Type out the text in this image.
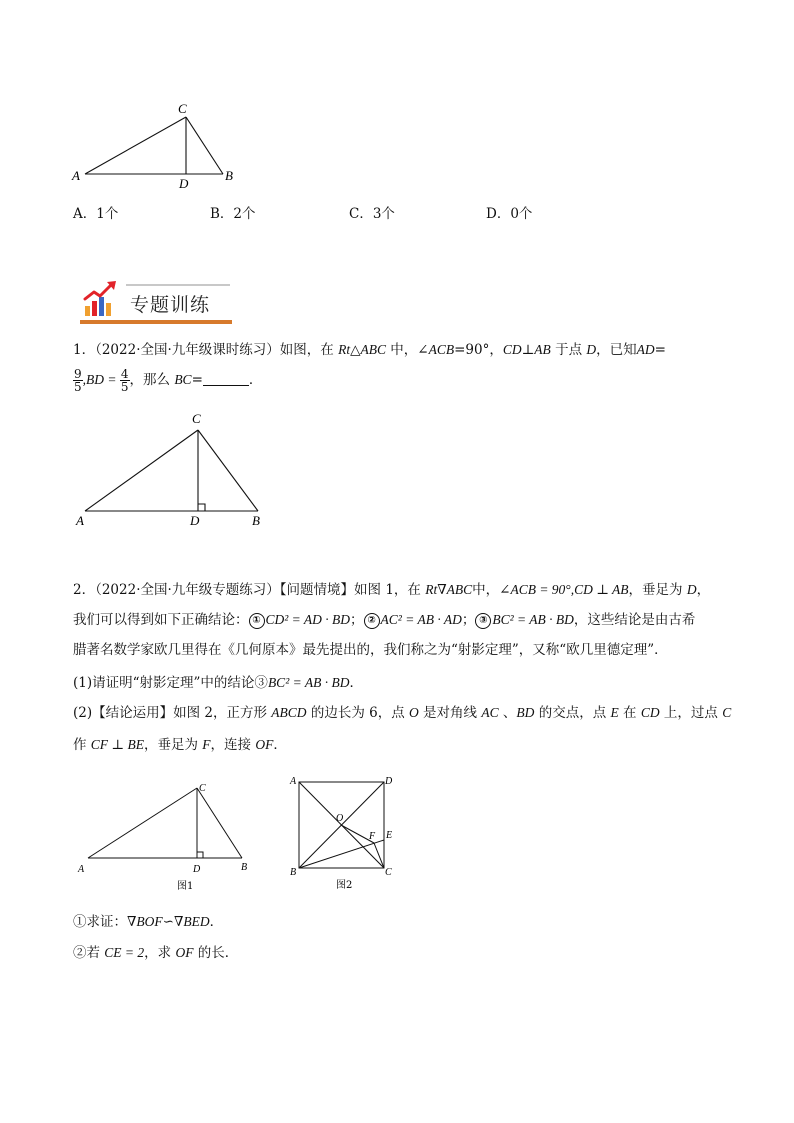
A	B
C
D
A．1个	B．2个	C．3个	D．0个
专题训练
1．（2022·全国·九年级课时练习）如图，在 Rt△ABC 中，∠ACB=90°，CD⊥AB 于点 D，已知AD=
$\frac{9}{5} ,BD = \frac{4}{5}$ ，那么 BC=	．
A	B
C
D
2．（2022·全国·九年级专题练习）【问题情境】如图 1，在 Rt∇ABC中，∠ACB = 90°,CD ⊥ AB，垂足为 D，
我们可以得到如下正确结论： ① CD² = AD · BD； ② AC² = AB · AD； ③ BC² = AB · BD，这些结论是由古希
腊著名数学家欧几里得在《几何原本》最先提出的，我们称之为“射影定理”，又称“欧几里德定理”．
(1)请证明“射影定理”中的结论③BC² = AB · BD．
(2)【结论运用】如图 2，正方形 ABCD 的边长为 6，点 O 是对角线 AC 、BD 的交点，点 E 在 CD 上，过点 C
作 CF ⊥ BE，垂足为 F，连接 OF．
A	B
C
D
图1
A	D
B	C
O
F E
图2
①求证：∇BOF∽∇BED．
②若 CE = 2，求 OF 的长．
